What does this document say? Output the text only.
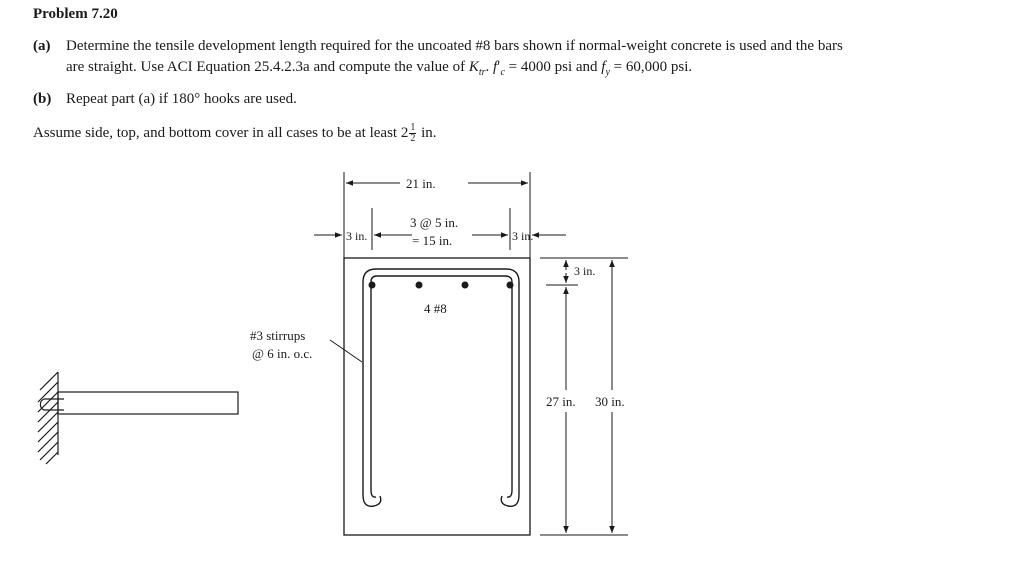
Problem 7.20
(a) Determine the tensile development length required for the uncoated #8 bars shown if normal-weight concrete is used and the bars
are straight. Use ACI Equation 25.4.2.3a and compute the value of $K_{tr}$. $f'_c = 4000$ psi and $f_y = 60,000$ psi.
(b) Repeat part (a) if 180° hooks are used.
Assume side, top, and bottom cover in all cases to be at least $2 \frac{1}{2}$ in.
4 #8
21 in.
3 in.
3 @ 5 in.
= 15 in.	3 in.
#3 stirrups
@ 6 in. o.c.
3 in.
27 in. 30 in.
